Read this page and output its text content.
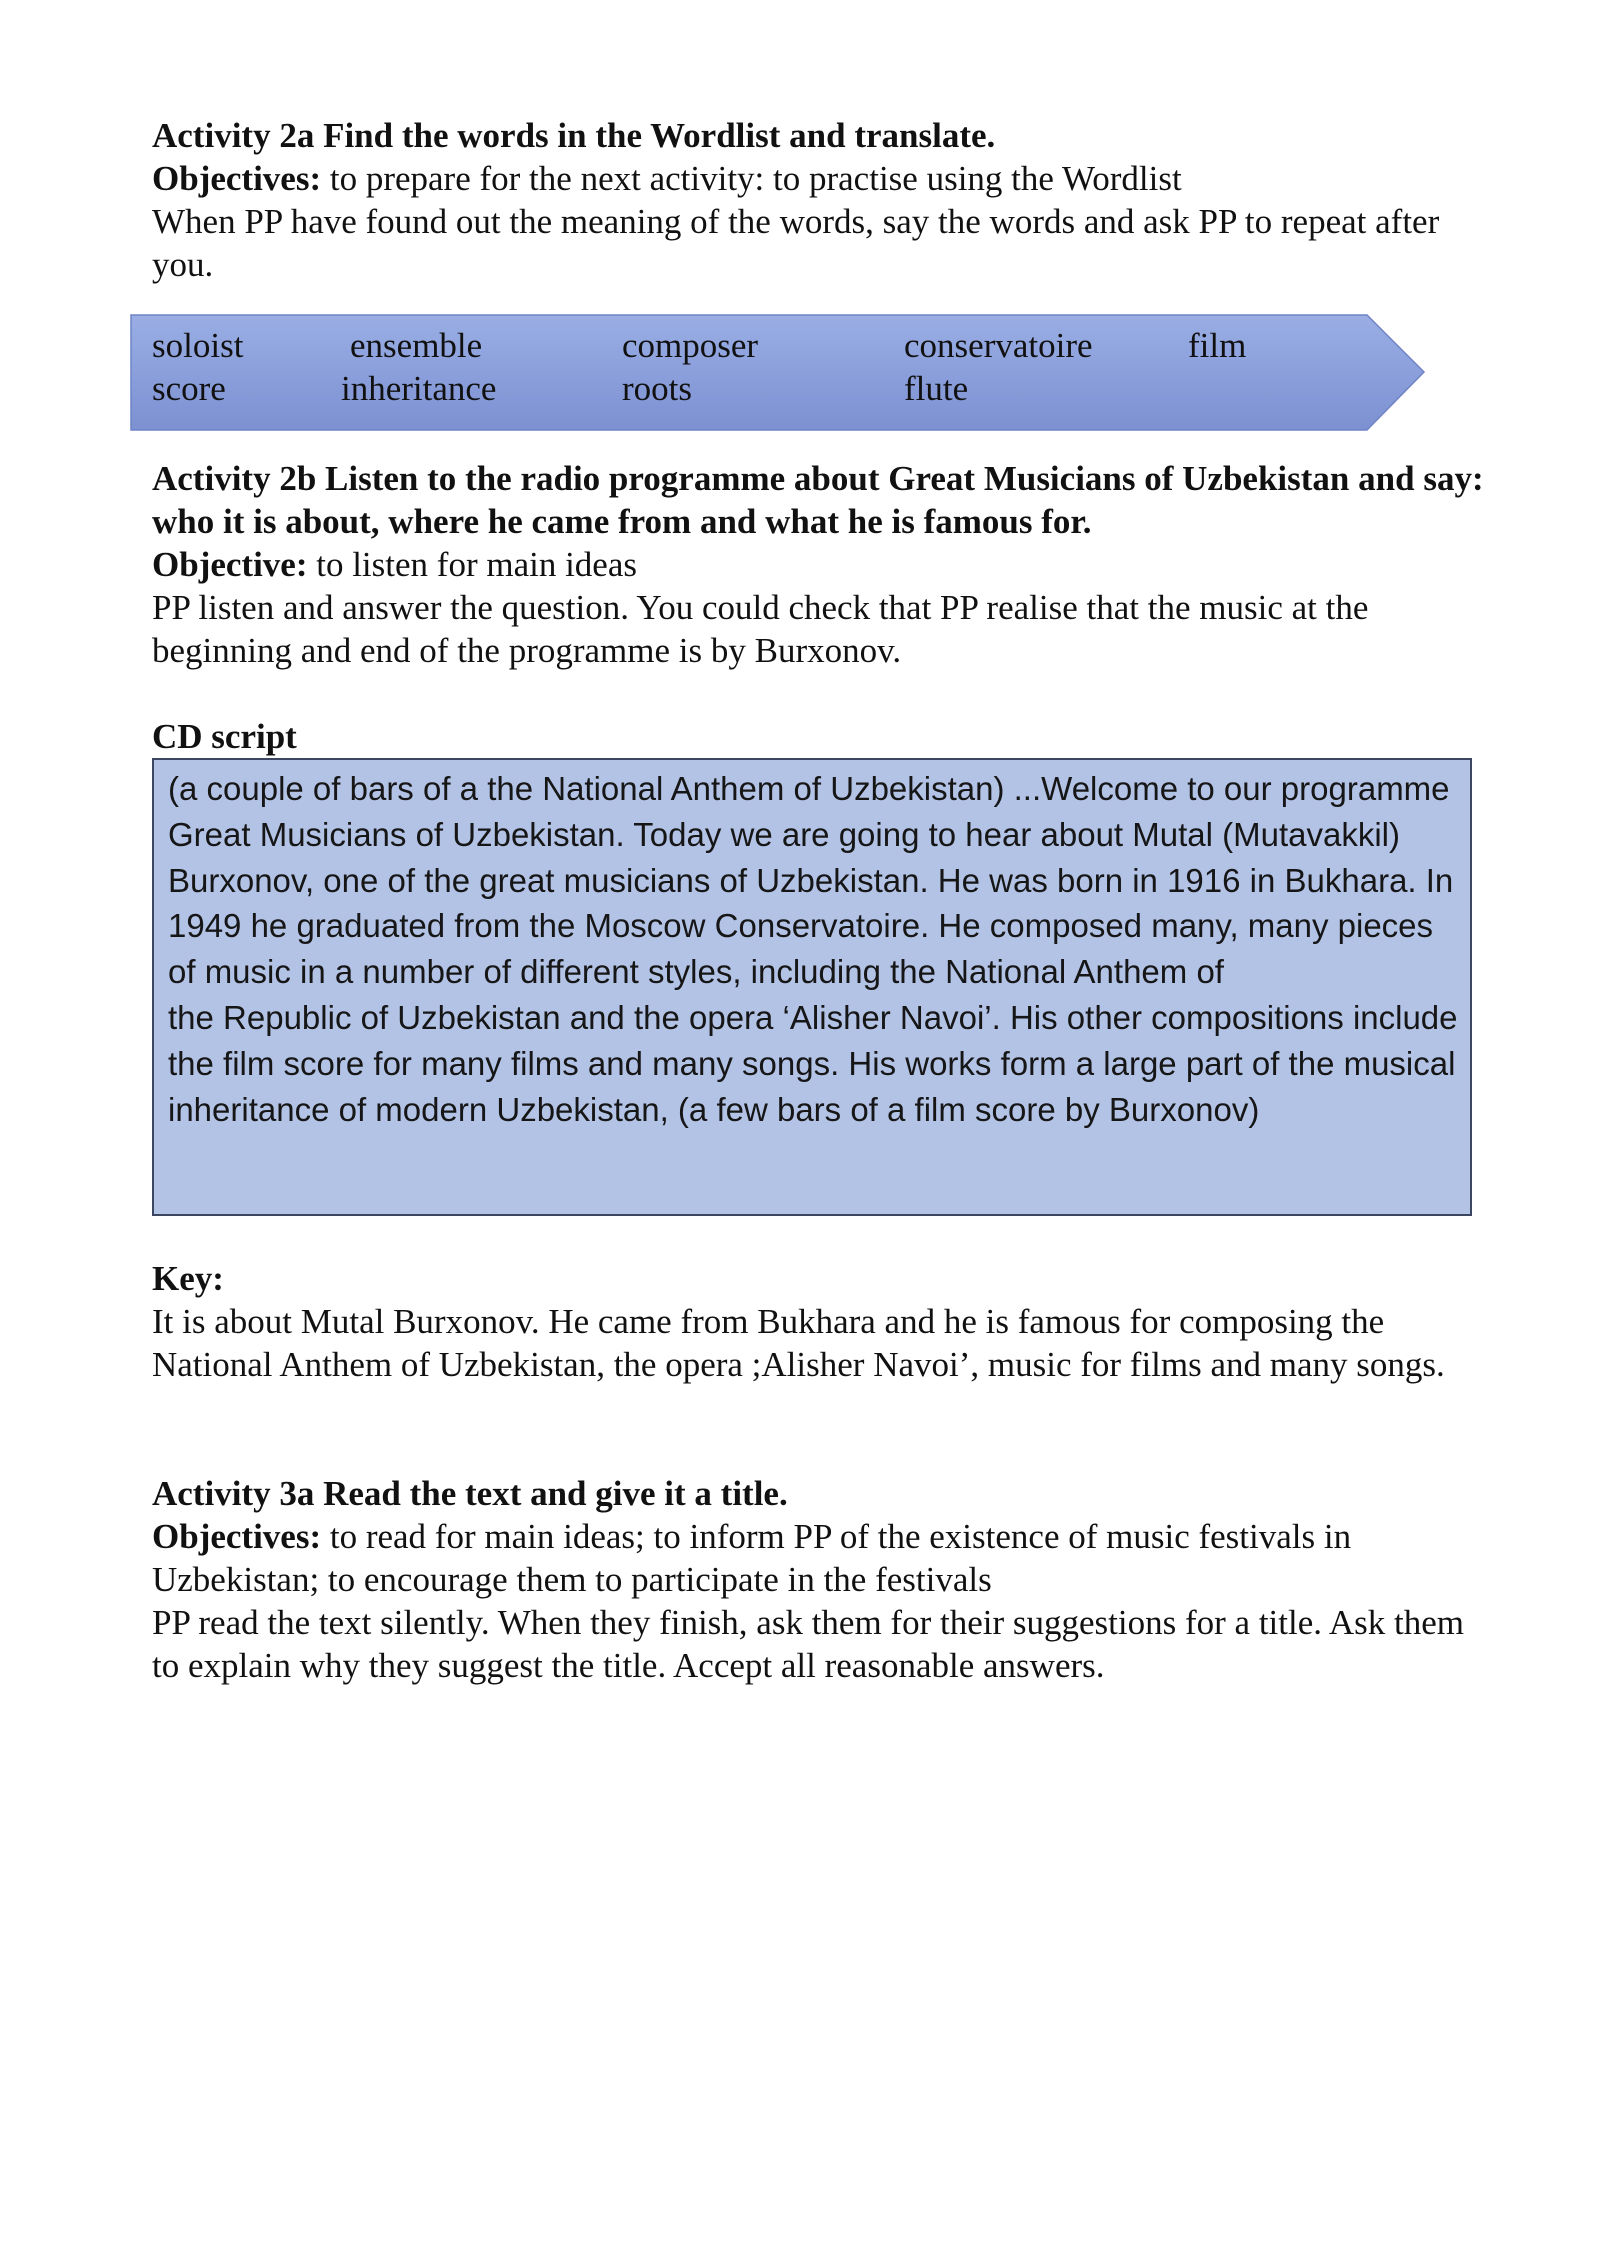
Activity 2a Find the words in the Wordlist and translate.

Objectives: to prepare for the next activity: to practise using the Wordlist

When PP have found out the meaning of the words, say the words and ask PP to repeat after you.

soloist	ensemble	composer	conservatoire	film
score	inheritance	roots	flute

Activity 2b Listen to the radio programme about Great Musicians of Uzbekistan and say: who it is about, where he came from and what he is famous for.

Objective: to listen for main ideas

PP listen and answer the question. You could check that PP realise that the music at the beginning and end of the programme is by Burxonov.

CD script

(a couple of bars of a the National Anthem of Uzbekistan) ...Welcome to our programme Great Musicians of Uzbekistan. Today we are going to hear about Mutal (Mutavakkil) Burxonov, one of the great musicians of Uzbekistan. He was born in 1916 in Bukhara. In 1949 he graduated from the Moscow Conservatoire. He composed many, many pieces of music in a number of different styles, including the National Anthem of

the Republic of Uzbekistan and the opera ‘Alisher Navoi’. His other compositions include the film score for many films and many songs. His works form a large part of the musical inheritance of modern Uzbekistan, (a few bars of a film score by Burxonov)

Key:

It is about Mutal Burxonov. He came from Bukhara and he is famous for composing the National Anthem of Uzbekistan, the opera ;Alisher Navoi’, music for films and many songs.

Activity 3a Read the text and give it a title.

Objectives: to read for main ideas; to inform PP of the existence of music festivals in Uzbekistan; to encourage them to participate in the festivals

PP read the text silently. When they finish, ask them for their suggestions for a title. Ask them to explain why they suggest the title. Accept all reasonable answers.
